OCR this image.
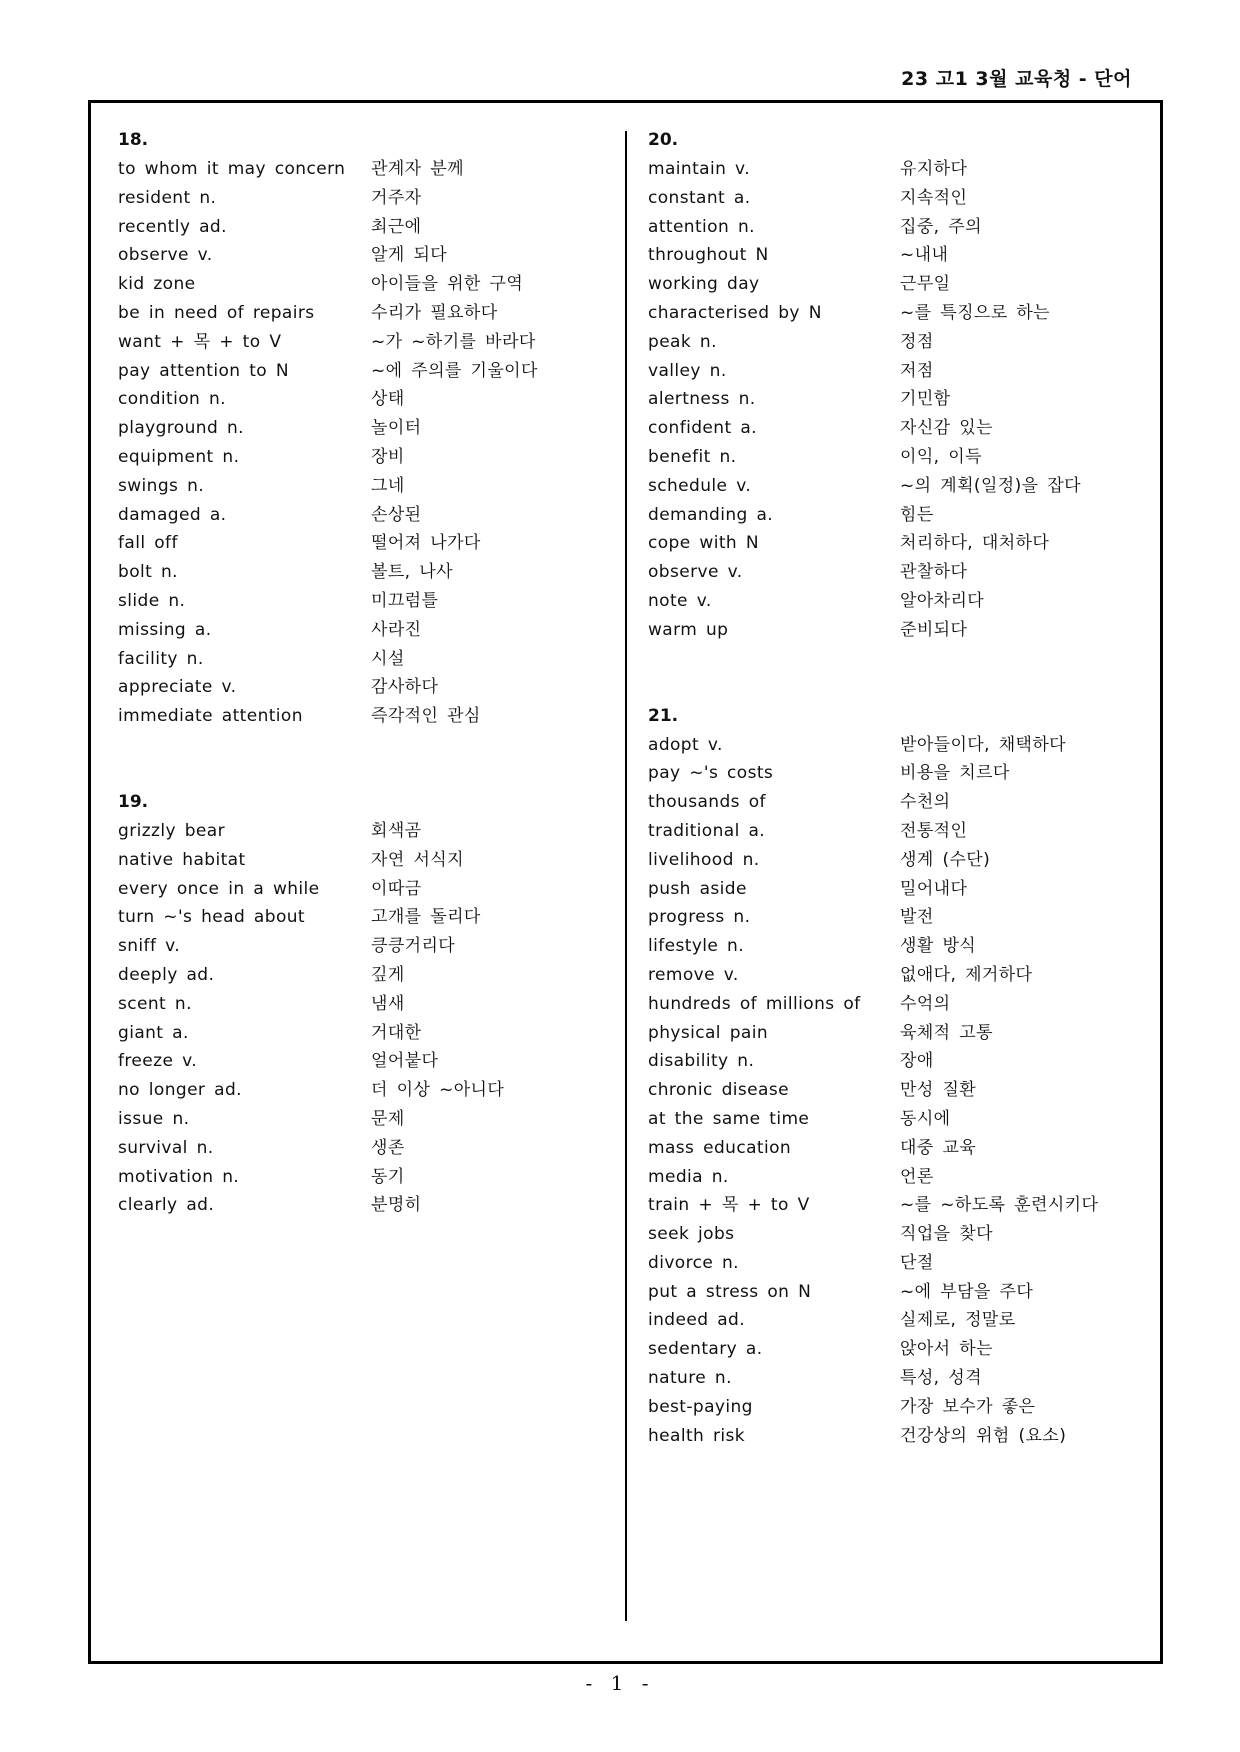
23 고1 3월 교육청 - 단어
18.
to whom it may concern 관계자 분께
resident n.	거주자
recently ad.	최근에
observe v.	알게 되다
kid zone	아이들을 위한 구역
be in need of repairs	수리가 필요하다
want + 목 + to V	~가 ~하기를 바라다
pay attention to N	~에 주의를 기울이다
condition n.	상태
playground n.	놀이터
equipment n.	장비
swings n.	그네
damaged a.	손상된
fall off	떨어져 나가다
bolt n.	볼트, 나사
slide n.	미끄럼틀
missing a.	사라진
facility n.	시설
appreciate v.	감사하다
immediate attention	즉각적인 관심
19.
grizzly bear	회색곰
native habitat	자연 서식지
every once in a while	이따금
turn ~'s head about	고개를 돌리다
sniff v.	킁킁거리다
deeply ad.	깊게
scent n.	냄새
giant a.	거대한
freeze v.	얼어붙다
no longer ad.	더 이상 ~아니다
issue n.	문제
survival n.	생존
motivation n.	동기
clearly ad.	분명히
20.
maintain v.	유지하다
constant a.	지속적인
attention n.	집중, 주의
throughout N	~내내
working day	근무일
characterised by N	~를 특징으로 하는
peak n.	정점
valley n.	저점
alertness n.	기민함
confident a.	자신감 있는
benefit n.	이익, 이득
schedule v.	~의 계획(일정)을 잡다
demanding a.	힘든
cope with N	처리하다, 대처하다
observe v.	관찰하다
note v.	알아차리다
warm up	준비되다
21.
adopt v.	받아들이다, 채택하다
pay ~'s costs	비용을 치르다
thousands of	수천의
traditional a.	전통적인
livelihood n.	생계 (수단)
push aside	밀어내다
progress n.	발전
lifestyle n.	생활 방식
remove v.	없애다, 제거하다
hundreds of millions of 수억의
physical pain	육체적 고통
disability n.	장애
chronic disease	만성 질환
at the same time	동시에
mass education	대중 교육
media n.	언론
train + 목 + to V	~를 ~하도록 훈련시키다
seek jobs	직업을 찾다
divorce n.	단절
put a stress on N	~에 부담을 주다
indeed ad.	실제로, 정말로
sedentary a.	앉아서 하는
nature n.	특성, 성격
best-paying	가장 보수가 좋은
health risk	건강상의 위험 (요소)
- 1 -
